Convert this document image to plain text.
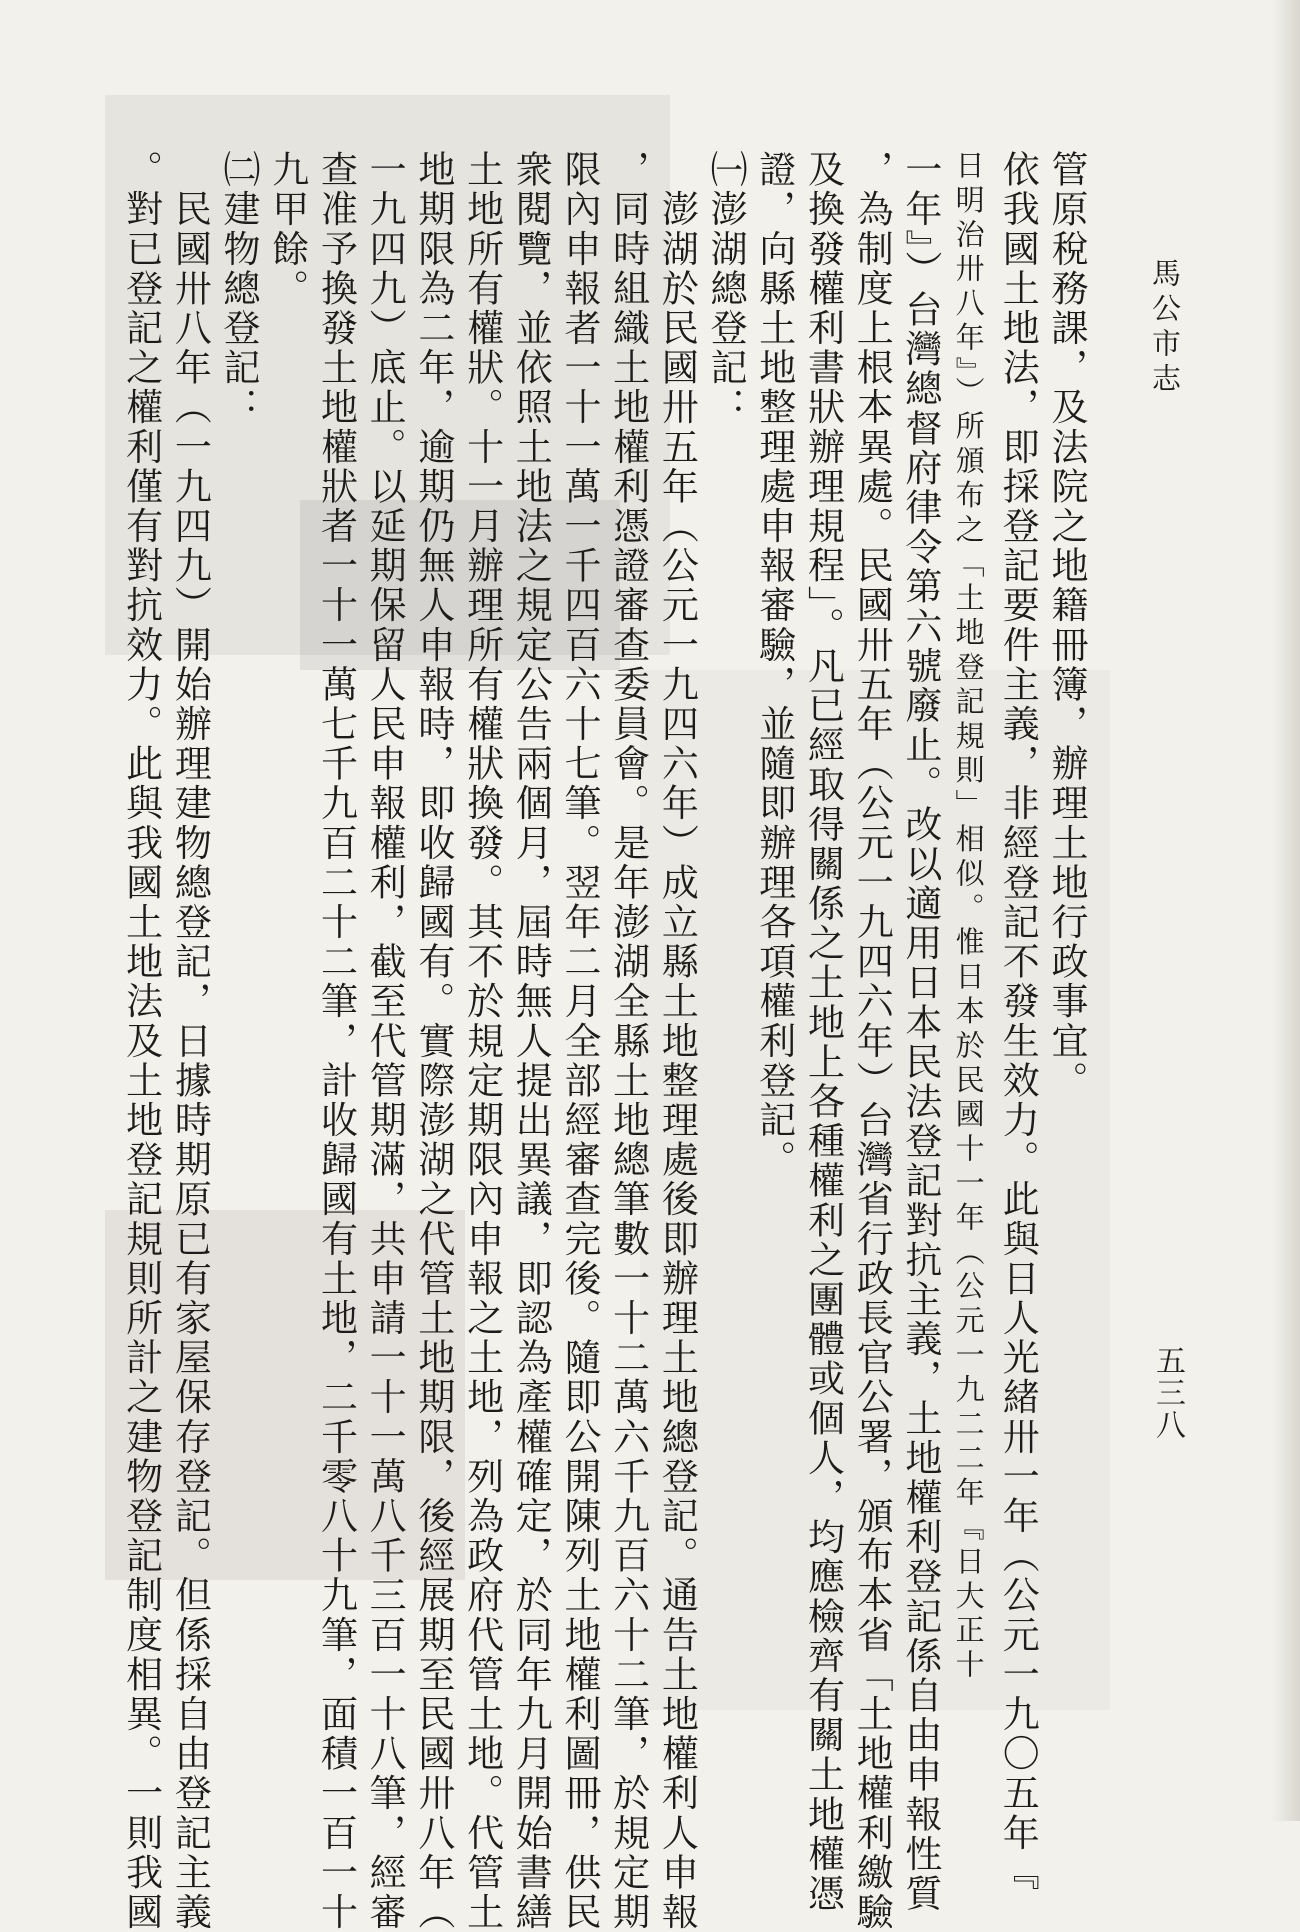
馬公市志
五三八

管原稅務課，及法院之地籍冊簿，辦理土地行政事宜。

依我國土地法，即採登記要件主義，非經登記不發生效力。此與日人光緒卅一年（公元一九〇五年『

日明治卅八年』）所頒布之「土地登記規則」相似。惟日本於民國十一年（公元一九二二年『日大正十

一年』）台灣總督府律令第六號廢止。改以適用日本民法登記對抗主義，土地權利登記係自由申報性質

，為制度上根本異處。民國卅五年（公元一九四六年）台灣省行政長官公署，頒布本省「土地權利繳驗

及換發權利書狀辦理規程」。凡已經取得關係之土地上各種權利之團體或個人，均應檢齊有關土地權憑

證，向縣土地整理處申報審驗，並隨即辦理各項權利登記。

㈠澎湖總登記：

　澎湖於民國卅五年（公元一九四六年）成立縣土地整理處後即辦理土地總登記。通告土地權利人申報

，同時組織土地權利憑證審查委員會。是年澎湖全縣土地總筆數一十二萬六千九百六十二筆，於規定期

限內申報者一十一萬一千四百六十七筆。翌年二月全部經審查完後。隨即公開陳列土地權利圖冊，供民

衆閱覽，並依照土地法之規定公告兩個月，屆時無人提出異議，即認為產權確定，於同年九月開始書繕

土地所有權狀。十一月辦理所有權狀換發。其不於規定期限內申報之土地，列為政府代管土地。代管土

地期限為二年，逾期仍無人申報時，即收歸國有。實際澎湖之代管土地期限，後經展期至民國卅八年（

一九四九）底止。以延期保留人民申報權利，截至代管期滿，共申請一十一萬八千三百一十八筆，經審

查准予換發土地權狀者一十一萬七千九百二十二筆，計收歸國有土地，二千零八十九筆，面積一百一十

九甲餘。

㈡建物總登記：

　民國卅八年（一九四九）開始辦理建物總登記，日據時期原已有家屋保存登記。但係採自由登記主義

。對已登記之權利僅有對抗效力。此與我國土地法及土地登記規則所計之建物登記制度相異。一則我國
